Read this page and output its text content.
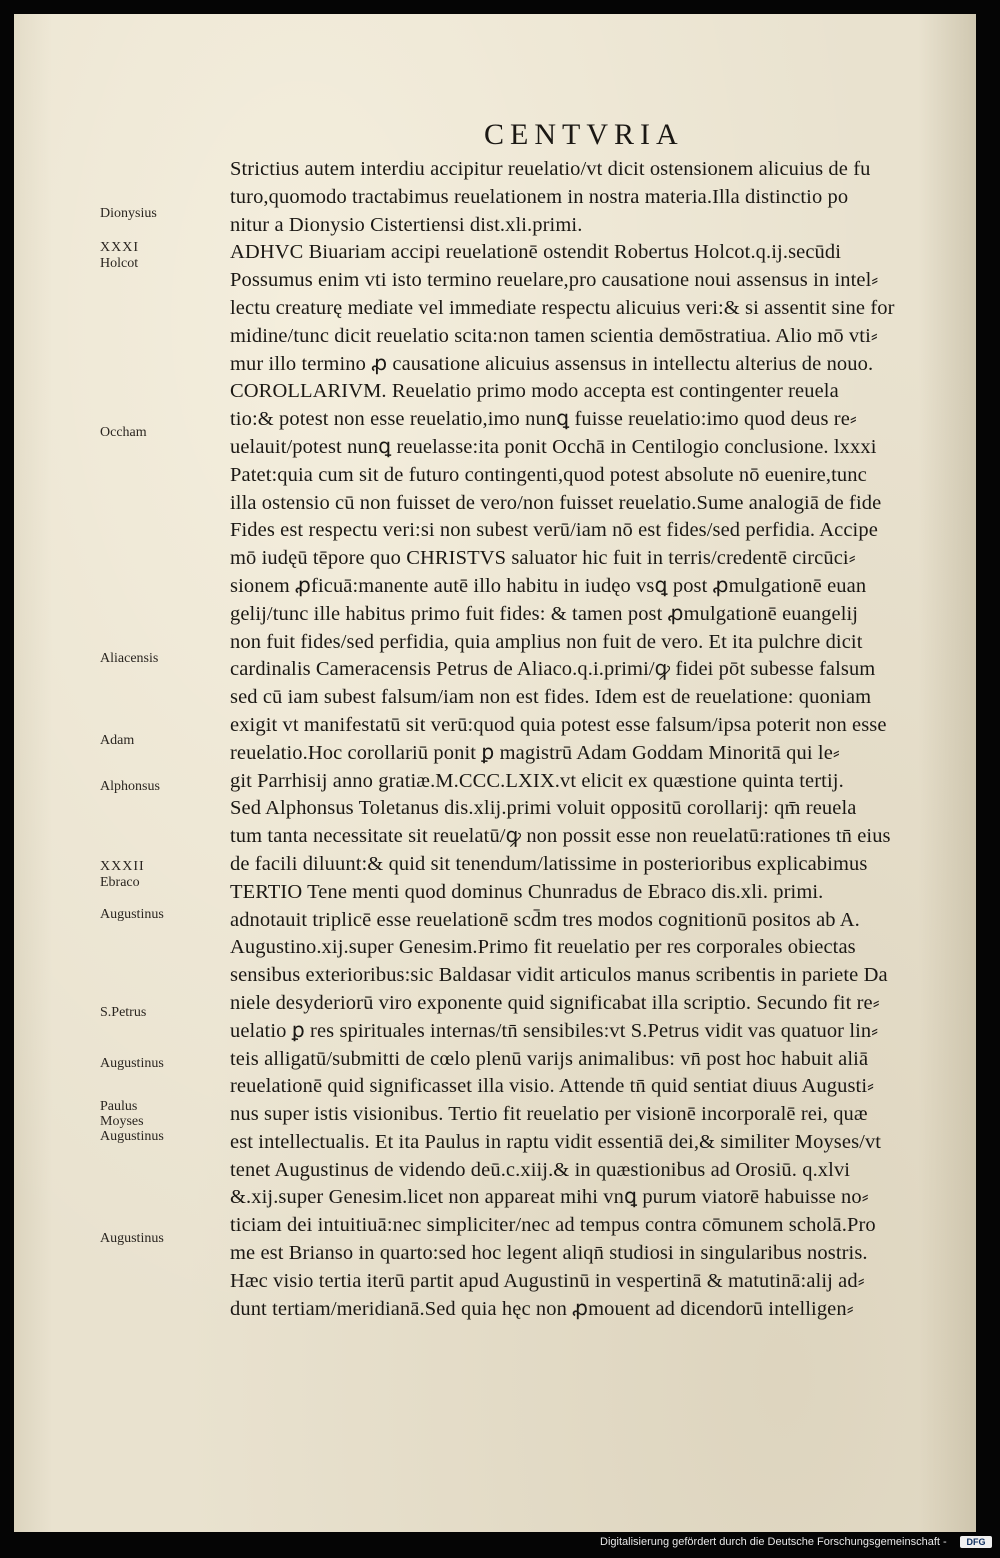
CENTVRIA
Dionysius
XXXI
Holcot
Occham
Aliacensis
Adam
Alphonsus
XXXII
Ebraco
Augustinus
S.Petrus
Augustinus
Paulus
Moyses
Augustinus
Augustinus
Strictius autem interdiu accipitur reuelatio/vt dicit ostensionem alicuius de fu
turo,quomodo tractabimus reuelationem in nostra materia.Illa distinctio po
nitur a Dionysio Cistertiensi dist.xli.primi.
ADHVC Biuariam accipi reuelationē ostendit Robertus Holcot.q.ij.secūdi
Possumus enim vti isto termino reuelare,pro causatione noui assensus in intel⸗
lectu creaturę mediate vel immediate respectu alicuius veri:& si assentit sine for
midine/tunc dicit reuelatio scita:non tamen scientia demōstratiua. Alio mō vti⸗
mur illo termino ꝓ causatione alicuius assensus in intellectu alterius de nouo.
COROLLARIVM. Reuelatio primo modo accepta est contingenter reuela
tio:& potest non esse reuelatio,imo nunꝗ fuisse reuelatio:imo quod deus re⸗
uelauit/potest nunꝗ reuelasse:ita ponit Occhā in Centilogio conclusione. lxxxi
Patet:quia cum sit de futuro contingenti,quod potest absolute nō euenire,tunc
illa ostensio cū non fuisset de vero/non fuisset reuelatio.Sume analogiā de fide
Fides est respectu veri:si non subest verū/iam nō est fides/sed perfidia. Accipe
mō iudęū tēpore quo CHRISTVS saluator hic fuit in terris/credentē circūci⸗
sionem ꝓficuā:manente autē illo habitu in iudęo vsꝗ post ꝓmulgationē euan
gelij/tunc ille habitus primo fuit fides: & tamen post ꝓmulgationē euangelij
non fuit fides/sed perfidia, quia amplius non fuit de vero. Et ita pulchre dicit
cardinalis Cameracensis Petrus de Aliaco.q.i.primi/ꝙ fidei pōt subesse falsum
sed cū iam subest falsum/iam non est fides. Idem est de reuelatione: quoniam
exigit vt manifestatū sit verū:quod quia potest esse falsum/ipsa poterit non esse
reuelatio.Hoc corollariū ponit ꝑ magistrū Adam Goddam Minoritā qui le⸗
git Parrhisij anno gratiæ.M.CCC.LXIX.vt elicit ex quæstione quinta tertij.
Sed Alphonsus Toletanus dis.xlij.primi voluit oppositū corollarij: qm̄ reuela
tum tanta necessitate sit reuelatū/ꝙ non possit esse non reuelatū:rationes tn̄ eius
de facili diluunt:& quid sit tenendum/latissime in posterioribus explicabimus
TERTIO Tene menti quod dominus Chunradus de Ebraco dis.xli. primi.
adnotauit triplicē esse reuelationē scd̄m tres modos cognitionū positos ab A.
Augustino.xij.super Genesim.Primo fit reuelatio per res corporales obiectas
sensibus exterioribus:sic Baldasar vidit articulos manus scribentis in pariete Da
niele desyderiorū viro exponente quid significabat illa scriptio. Secundo fit re⸗
uelatio ꝑ res spirituales internas/tn̄ sensibiles:vt S.Petrus vidit vas quatuor lin⸗
teis alligatū/submitti de cœlo plenū varijs animalibus: vn̄ post hoc habuit aliā
reuelationē quid significasset illa visio. Attende tn̄ quid sentiat diuus Augusti⸗
nus super istis visionibus. Tertio fit reuelatio per visionē incorporalē rei, quæ
est intellectualis. Et ita Paulus in raptu vidit essentiā dei,& similiter Moyses/vt
tenet Augustinus de videndo deū.c.xiij.& in quæstionibus ad Orosiū. q.xlvi
&.xij.super Genesim.licet non appareat mihi vnꝗ purum viatorē habuisse no⸗
ticiam dei intuitiuā:nec simpliciter/nec ad tempus contra cōmunem scholā.Pro
me est Brianso in quarto:sed hoc legent aliqn̄ studiosi in singularibus nostris.
Hæc visio tertia iterū partit apud Augustinū in vespertinā & matutinā:alij ad⸗
dunt tertiam/meridianā.Sed quia hęc non ꝓmouent ad dicendorū intelligen⸗
Digitalisierung gefördert durch die Deutsche Forschungsgemeinschaft -	DFG
